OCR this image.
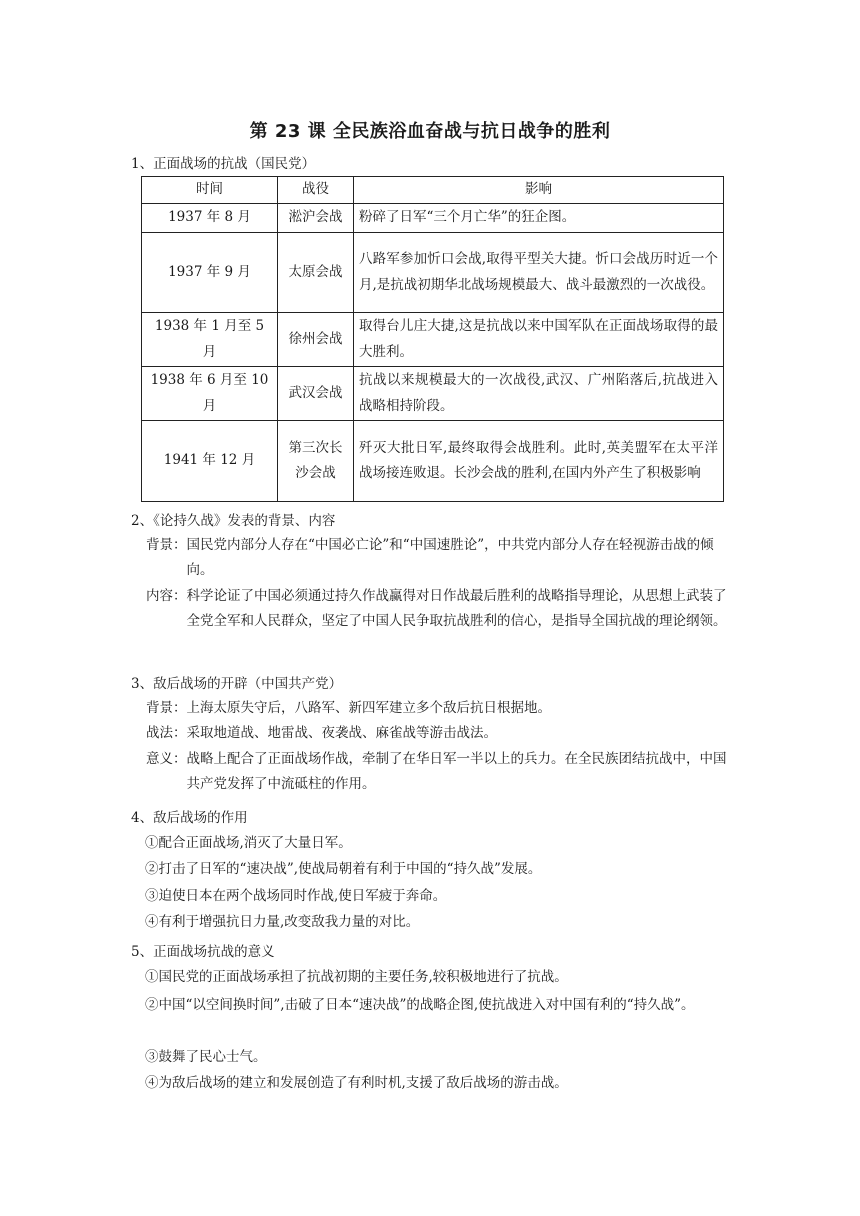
第 23 课 全民族浴血奋战与抗日战争的胜利
1、正面战场的抗战（国民党）
时间	战役	影响
1937 年 8 月	淞沪会战	粉碎了日军“三个月亡华”的狂企图。
1937 年 9 月	太原会战	八路军参加忻口会战,取得平型关大捷。忻口会战历时近一个月,是抗战初期华北战场规模最大、战斗最激烈的一次战役。
1938 年 1 月至 5 月	徐州会战	取得台儿庄大捷,这是抗战以来中国军队在正面战场取得的最大胜利。
1938 年 6 月至 10 月	武汉会战	抗战以来规模最大的一次战役,武汉、广州陷落后,抗战进入战略相持阶段。
1941 年 12 月	第三次长沙会战	歼灭大批日军,最终取得会战胜利。此时,英美盟军在太平洋战场接连败退。长沙会战的胜利,在国内外产生了积极影响
2、《论持久战》发表的背景、内容
背景： 国民党内部分人存在“中国必亡论”和“中国速胜论”，中共党内部分人存在轻视游击战的倾向。
内容： 科学论证了中国必须通过持久作战赢得对日作战最后胜利的战略指导理论，从思想上武装了全党全军和人民群众，坚定了中国人民争取抗战胜利的信心，是指导全国抗战的理论纲领。
3、敌后战场的开辟（中国共产党）
背景： 上海太原失守后，八路军、新四军建立多个敌后抗日根据地。
战法： 采取地道战、地雷战、夜袭战、麻雀战等游击战法。
意义： 战略上配合了正面战场作战，牵制了在华日军一半以上的兵力。在全民族团结抗战中，中国共产党发挥了中流砥柱的作用。
4、敌后战场的作用
①配合正面战场,消灭了大量日军。
②打击了日军的“速决战”,使战局朝着有利于中国的“持久战”发展。
③迫使日本在两个战场同时作战,使日军疲于奔命。
④有利于增强抗日力量,改变敌我力量的对比。
5、正面战场抗战的意义
①国民党的正面战场承担了抗战初期的主要任务,较积极地进行了抗战。
②中国“以空间换时间”,击破了日本“速决战”的战略企图,使抗战进入对中国有利的“持久战”。
③鼓舞了民心士气。
④为敌后战场的建立和发展创造了有利时机,支援了敌后战场的游击战。
